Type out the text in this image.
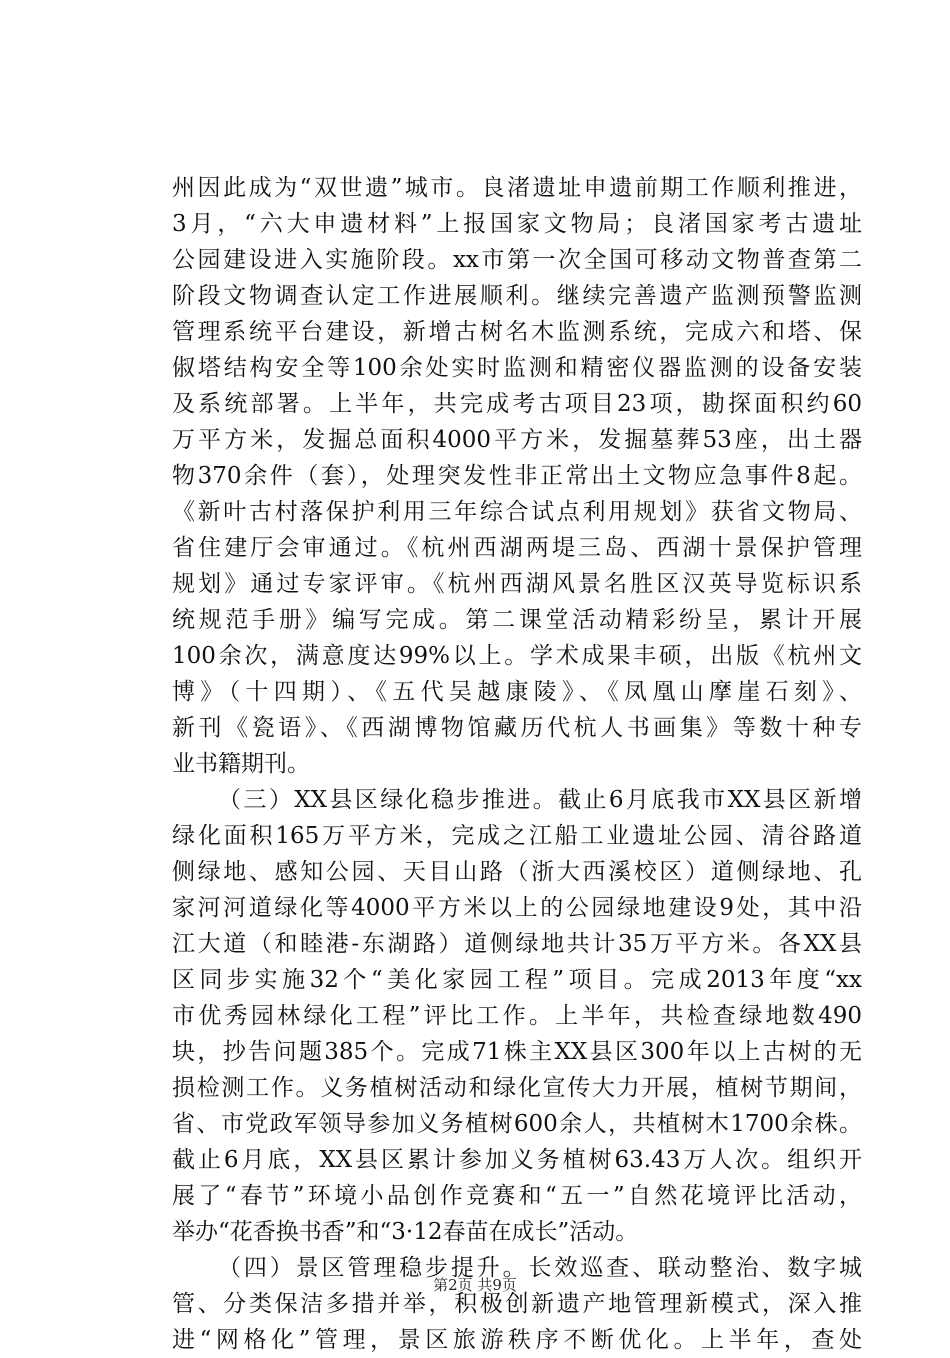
州因此成为“双世遗”城市。良渚遗址申遗前期工作顺利推进，
3月，“六大申遗材料”上报国家文物局；良渚国家考古遗址
公园建设进入实施阶段。xx市第一次全国可移动文物普查第二
阶段文物调查认定工作进展顺利。继续完善遗产监测预警监测
管理系统平台建设，新增古树名木监测系统，完成六和塔、保
俶塔结构安全等100余处实时监测和精密仪器监测的设备安装
及系统部署。上半年，共完成考古项目23项，勘探面积约60
万平方米，发掘总面积4000平方米，发掘墓葬53座，出土器
物370余件（套），处理突发性非正常出土文物应急事件8起。
《新叶古村落保护利用三年综合试点利用规划》获省文物局、
省住建厅会审通过。《杭州西湖两堤三岛、西湖十景保护管理
规划》通过专家评审。《杭州西湖风景名胜区汉英导览标识系
统规范手册》编写完成。第二课堂活动精彩纷呈，累计开展
100余次，满意度达99%以上。学术成果丰硕，出版《杭州文
博》（十四期）、《五代吴越康陵》、《凤凰山摩崖石刻》、
新刊《瓷语》、《西湖博物馆藏历代杭人书画集》等数十种专
业书籍期刊。
（三）XX县区绿化稳步推进。截止6月底我市XX县区新增
绿化面积165万平方米，完成之江船工业遗址公园、清谷路道
侧绿地、感知公园、天目山路（浙大西溪校区）道侧绿地、孔
家河河道绿化等4000平方米以上的公园绿地建设9处，其中沿
江大道（和睦港-东湖路）道侧绿地共计35万平方米。各XX县
区同步实施32个“美化家园工程”项目。完成2013年度“xx
市优秀园林绿化工程”评比工作。上半年，共检查绿地数490
块，抄告问题385个。完成71株主XX县区300年以上古树的无
损检测工作。义务植树活动和绿化宣传大力开展，植树节期间，
省、市党政军领导参加义务植树600余人，共植树木1700余株。
截止6月底，XX县区累计参加义务植树63.43万人次。组织开
展了“春节”环境小品创作竞赛和“五一”自然花境评比活动，
举办“花香换书香”和“3·12春苗在成长”活动。
（四）景区管理稳步提升。长效巡查、联动整治、数字城
管、分类保洁多措并举，积极创新遗产地管理新模式，深入推
进“网格化”管理，景区旅游秩序不断优化。上半年，查处
第2页 共9页
